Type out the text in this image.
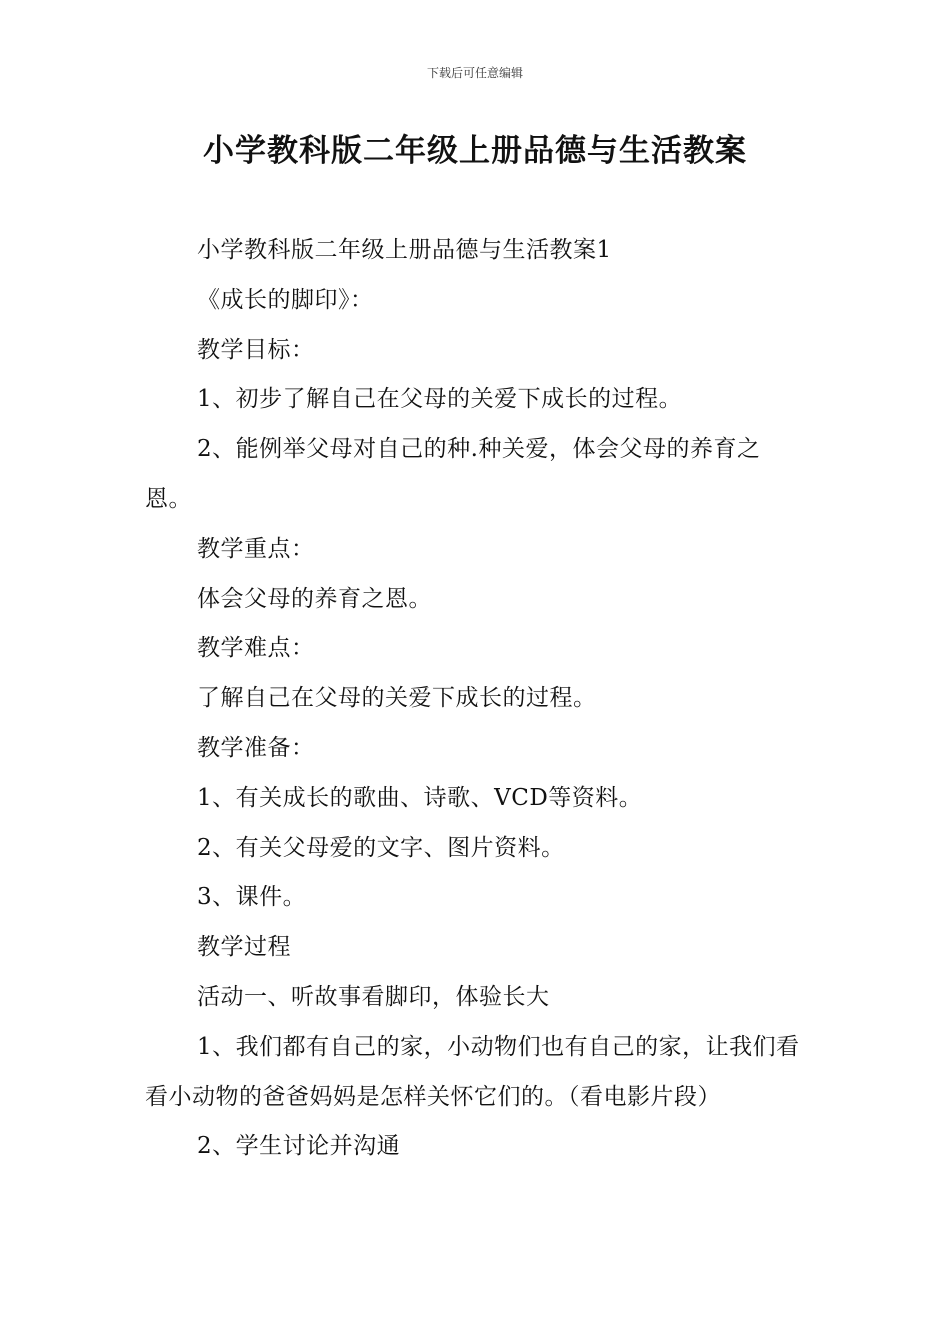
下载后可任意编辑
小学教科版二年级上册品德与生活教案

小学教科版二年级上册品德与生活教案1

《成长的脚印》：

教学目标：

1、初步了解自己在父母的关爱下成长的过程。

2、能例举父母对自己的种.种关爱，体会父母的养育之恩。

教学重点：

体会父母的养育之恩。

教学难点：

了解自己在父母的关爱下成长的过程。

教学准备：

1、有关成长的歌曲、诗歌、VCD等资料。

2、有关父母爱的文字、图片资料。

3、课件。

教学过程

活动一、听故事看脚印，体验长大

1、我们都有自己的家，小动物们也有自己的家，让我们看看小动物的爸爸妈妈是怎样关怀它们的。（看电影片段）

2、学生讨论并沟通
